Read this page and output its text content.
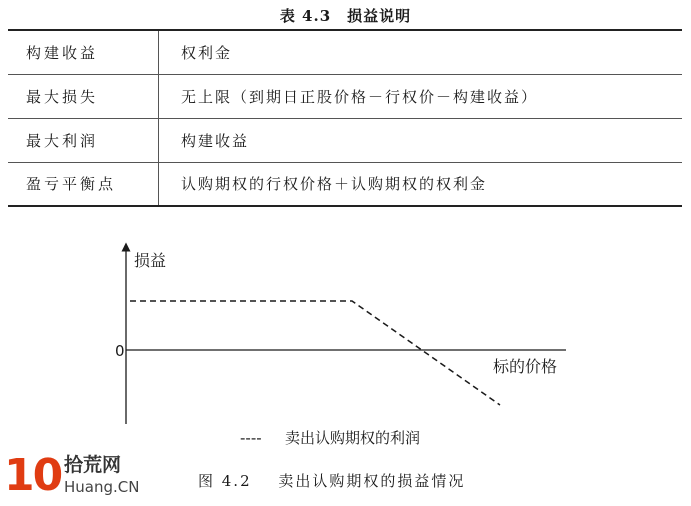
表 4.3　损益说明
构建收益	权利金
最大损失	无上限（到期日正股价格－行权价－构建收益）
最大利润	构建收益
盈亏平衡点	认购期权的行权价格＋认购期权的权利金
损益
0
标的价格
---- 卖出认购期权的利润
10 拾荒网
Huang.CN	图 4.2 卖出认购期权的损益情况
